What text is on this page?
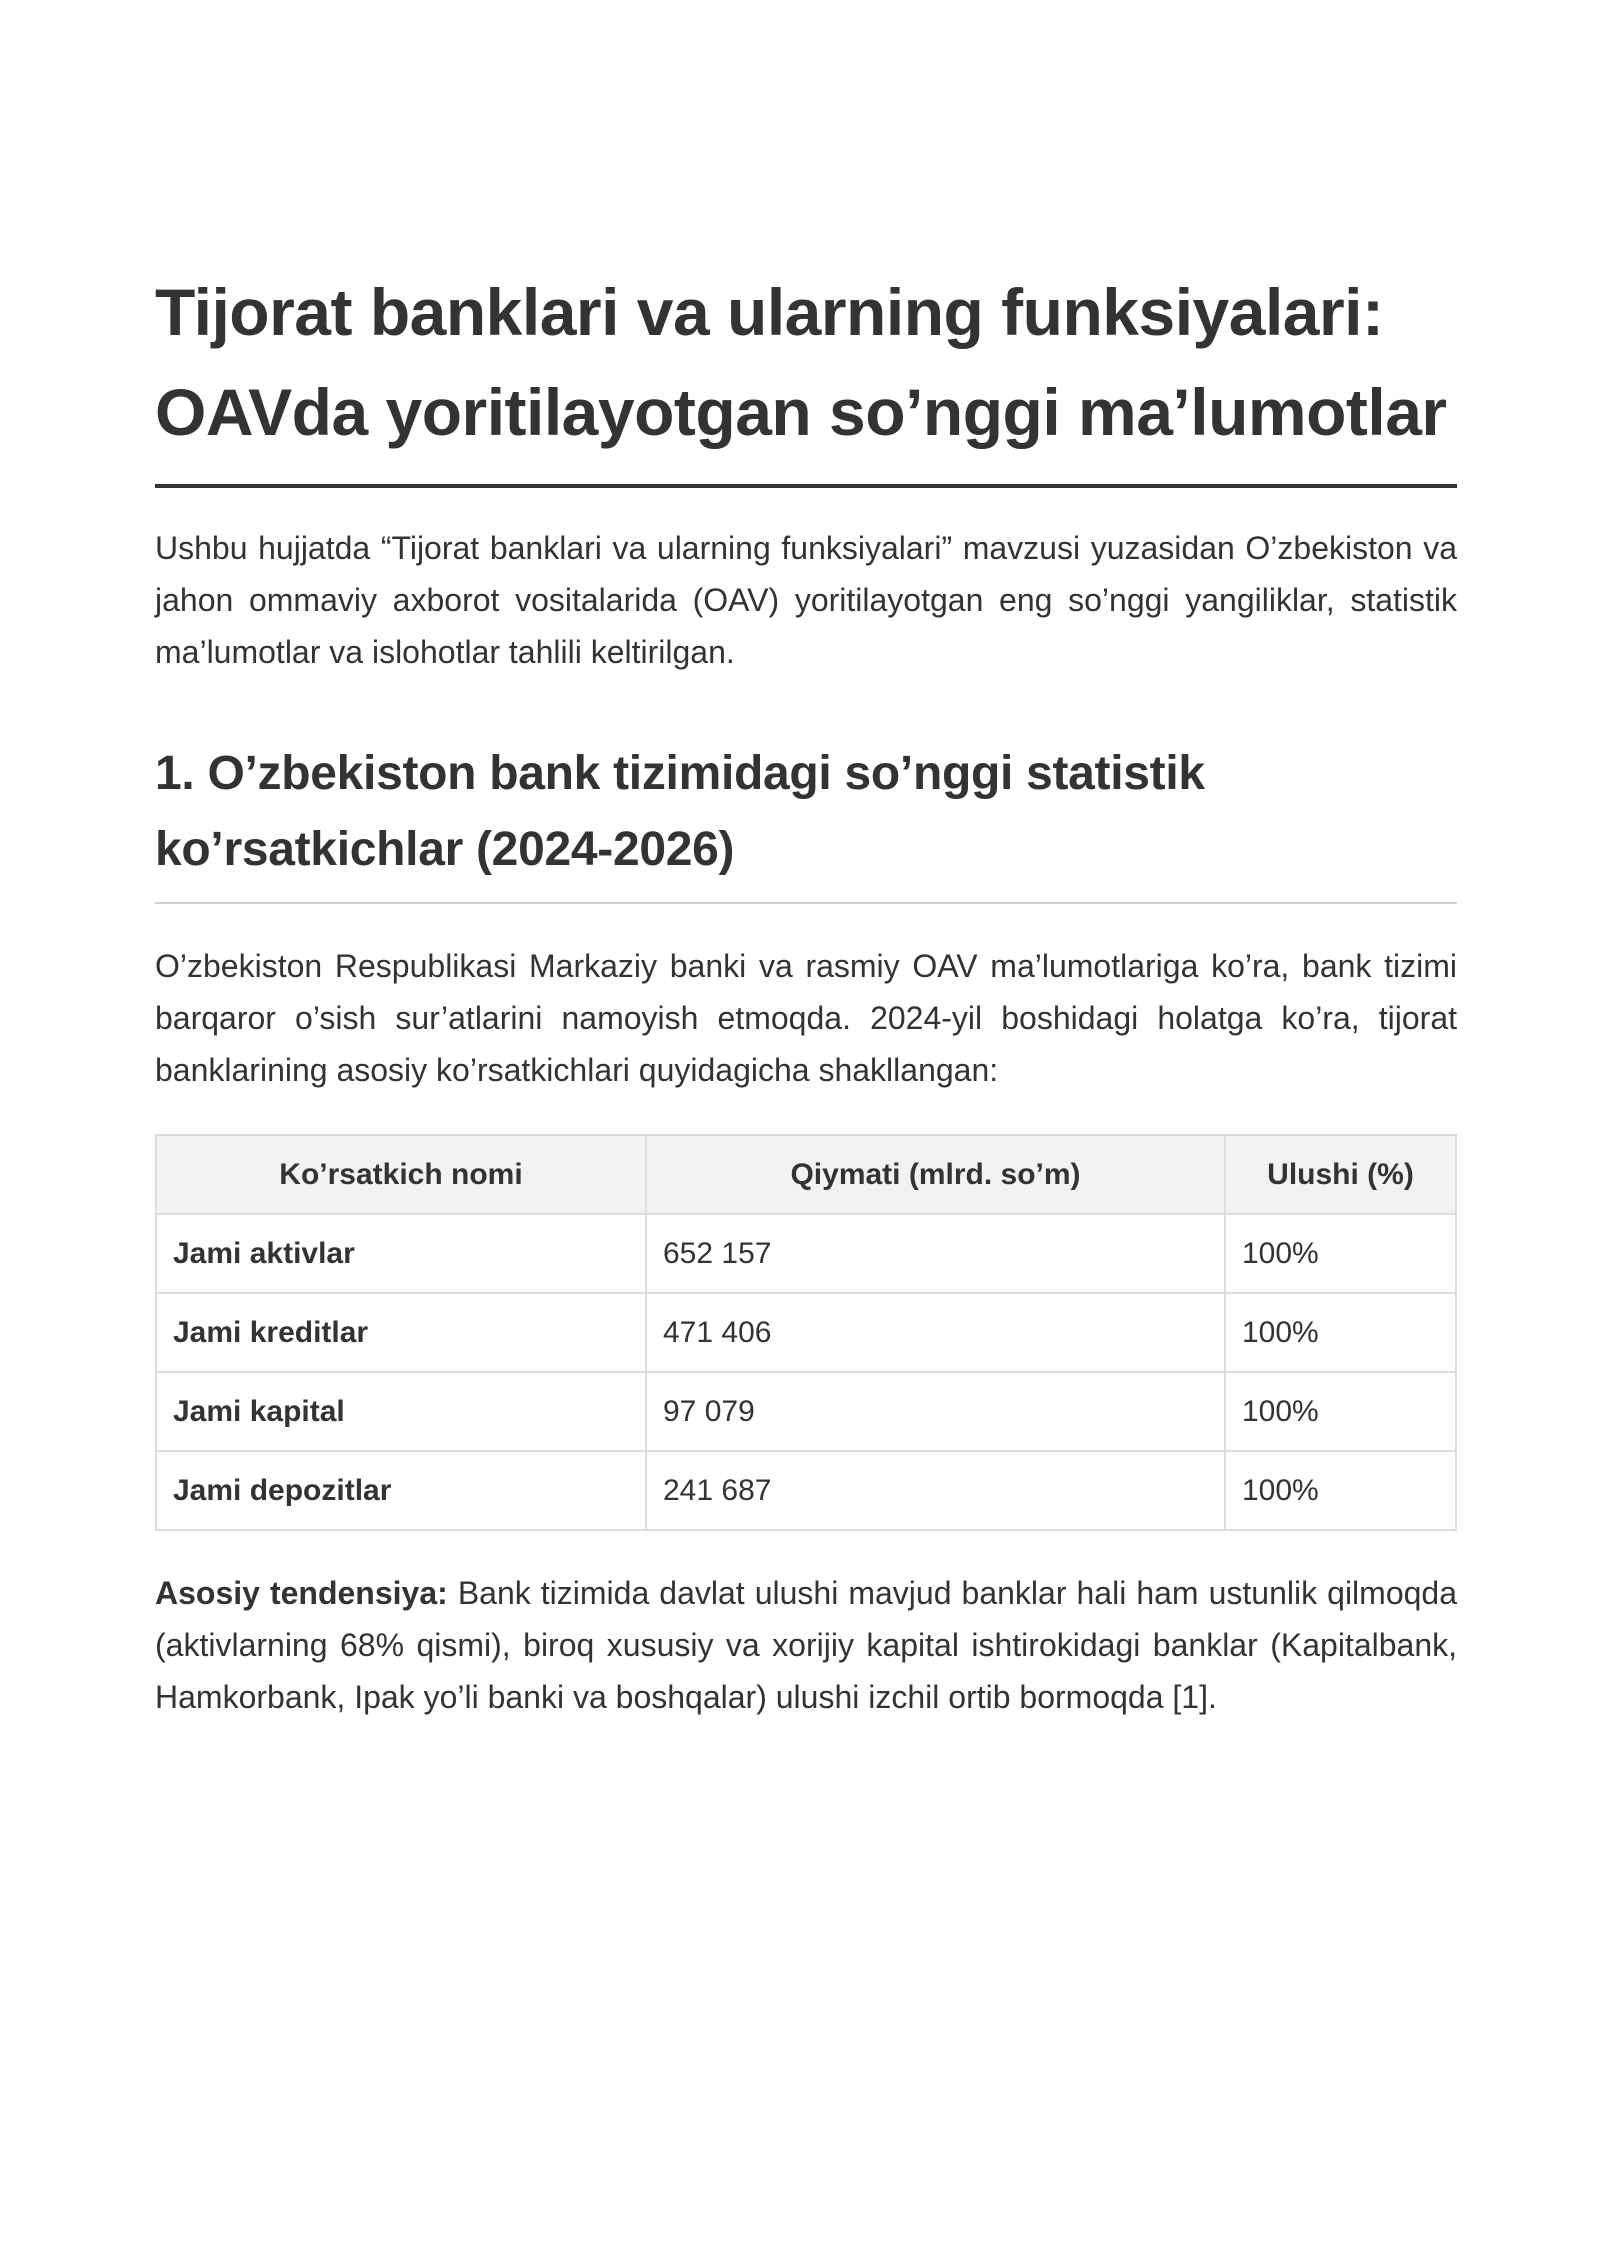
Tijorat banklari va ularning funksiyalari: OAVda yoritilayotgan so’nggi ma’lumotlar

Ushbu hujjatda “Tijorat banklari va ularning funksiyalari” mavzusi yuzasidan O’zbekiston va jahon ommaviy axborot vositalarida (OAV) yoritilayotgan eng so’nggi yangiliklar, statistik ma’lumotlar va islohotlar tahlili keltirilgan.

1. O’zbekiston bank tizimidagi so’nggi statistik ko’rsatkichlar (2024-2026)

O’zbekiston Respublikasi Markaziy banki va rasmiy OAV ma’lumotlariga ko’ra, bank tizimi barqaror o’sish sur’atlarini namoyish etmoqda. 2024-yil boshidagi holatga ko’ra, tijorat banklarining asosiy ko’rsatkichlari quyidagicha shakllangan:

Ko’rsatkich nomi	Qiymati (mlrd. so’m)	Ulushi (%)
Jami aktivlar	652 157	100%
Jami kreditlar	471 406	100%
Jami kapital	97 079	100%
Jami depozitlar	241 687	100%

Asosiy tendensiya: Bank tizimida davlat ulushi mavjud banklar hali ham ustunlik qilmoqda (aktivlarning 68% qismi), biroq xususiy va xorijiy kapital ishtirokidagi banklar (Kapitalbank, Hamkorbank, Ipak yo’li banki va boshqalar) ulushi izchil ortib bormoqda [1].
